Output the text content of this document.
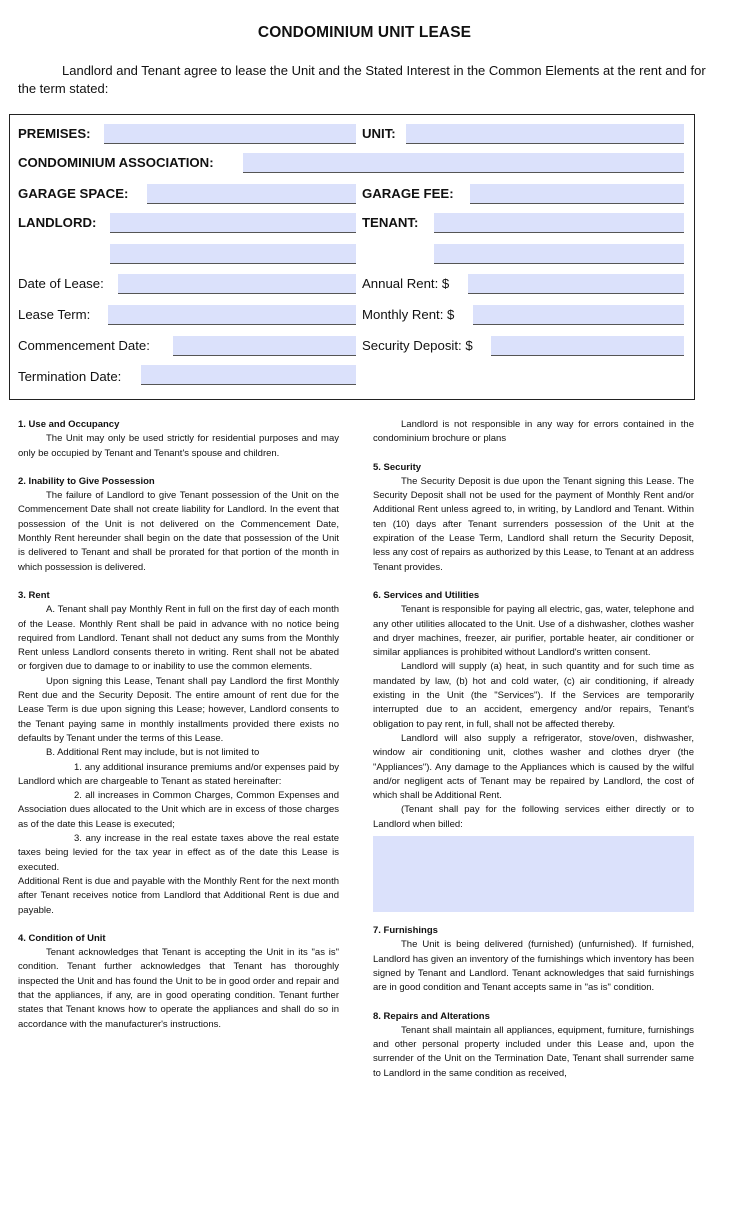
CONDOMINIUM UNIT LEASE
Landlord and Tenant agree to lease the Unit and the Stated Interest in the Common Elements at the rent and for the term stated:
PREMISES:	UNIT:
CONDOMINIUM ASSOCIATION:
GARAGE SPACE:	GARAGE FEE:
LANDLORD:	TENANT:
Date of Lease:	Annual Rent: $
Lease Term:	Monthly Rent: $
Commencement Date:	Security Deposit: $
Termination Date:
1. Use and Occupancy

The Unit may only be used strictly for residential purposes and may only be occupied by Tenant and Tenant's spouse and children.

2. Inability to Give Possession

The failure of Landlord to give Tenant possession of the Unit on the Commencement Date shall not create liability for Landlord. In the event that possession of the Unit is not delivered on the Commencement Date, Monthly Rent hereunder shall begin on the date that possession of the Unit is delivered to Tenant and shall be prorated for that portion of the month in which possession is delivered.

3. Rent

A. Tenant shall pay Monthly Rent in full on the first day of each month of the Lease. Monthly Rent shall be paid in advance with no notice being required from Landlord. Tenant shall not deduct any sums from the Monthly Rent unless Landlord consents thereto in writing. Rent shall not be abated or forgiven due to damage to or inability to use the common elements.

Upon signing this Lease, Tenant shall pay Landlord the first Monthly Rent due and the Security Deposit. The entire amount of rent due for the Lease Term is due upon signing this Lease; however, Landlord consents to the Tenant paying same in monthly installments provided there exists no defaults by Tenant under the terms of this Lease.

B. Additional Rent may include, but is not limited to

1. any additional insurance premiums and/or expenses paid by Landlord which are chargeable to Tenant as stated hereinafter:

2. all increases in Common Charges, Common Expenses and Association dues allocated to the Unit which are in excess of those charges as of the date this Lease is executed;

3. any increase in the real estate taxes above the real estate taxes being levied for the tax year in effect as of the date this Lease is executed.

Additional Rent is due and payable with the Monthly Rent for the next month after Tenant receives notice from Landlord that Additional Rent is due and payable.

4. Condition of Unit

Tenant acknowledges that Tenant is accepting the Unit in its "as is" condition. Tenant further acknowledges that Tenant has thoroughly inspected the Unit and has found the Unit to be in good order and repair and that the appliances, if any, are in good operating condition. Tenant further states that Tenant knows how to operate the appliances and shall do so in accordance with the manufacturer's instructions.

Landlord is not responsible in any way for errors contained in the condominium brochure or plans

5. Security

The Security Deposit is due upon the Tenant signing this Lease. The Security Deposit shall not be used for the payment of Monthly Rent and/or Additional Rent unless agreed to, in writing, by Landlord and Tenant. Within ten (10) days after Tenant surrenders possession of the Unit at the expiration of the Lease Term, Landlord shall return the Security Deposit, less any cost of repairs as authorized by this Lease, to Tenant at an address Tenant provides.

6. Services and Utilities

Tenant is responsible for paying all electric, gas, water, telephone and any other utilities allocated to the Unit. Use of a dishwasher, clothes washer and dryer machines, freezer, air purifier, portable heater, air conditioner or similar appliances is prohibited without Landlord's written consent.

Landlord will supply (a) heat, in such quantity and for such time as mandated by law, (b) hot and cold water, (c) air conditioning, if already existing in the Unit (the "Services"). If the Services are temporarily interrupted due to an accident, emergency and/or repairs, Tenant's obligation to pay rent, in full, shall not be affected thereby.

Landlord will also supply a refrigerator, stove/oven, dishwasher, window air conditioning unit, clothes washer and clothes dryer (the "Appliances"). Any damage to the Appliances which is caused by the wilful and/or negligent acts of Tenant may be repaired by Landlord, the cost of which shall be Additional Rent.

(Tenant shall pay for the following services either directly or to Landlord when billed:

7. Furnishings

The Unit is being delivered (furnished) (unfurnished). If furnished, Landlord has given an inventory of the furnishings which inventory has been signed by Tenant and Landlord. Tenant acknowledges that said furnishings are in good condition and Tenant accepts same in "as is" condition.

8. Repairs and Alterations

Tenant shall maintain all appliances, equipment, furniture, furnishings and other personal property included under this Lease and, upon the surrender of the Unit on the Termination Date, Tenant shall surrender same to Landlord in the same condition as received,
